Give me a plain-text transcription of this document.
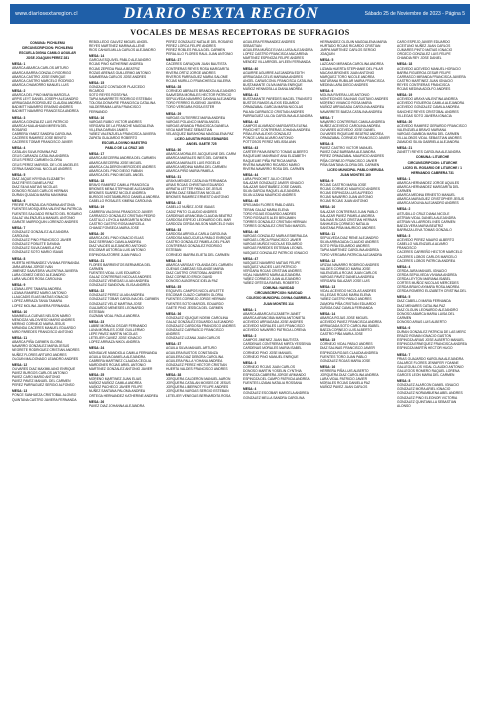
www.diariosextaregion.cl	DIARIO SEXTA REGIÓN	Sábado 25 de Noviembre de 2023 - Página 5
VOCALES DE MESAS RECEPTORAS DE SUFRAGIOS
COMUNA: PICHILEMU
CIRCUNSCRIPCION: PICHILEMU
ESCUELA DIGNA CAMILO AGUILAR
JOSE JOAQUIN PEREZ 281
MESA: 1
ABARCA ABARCA CARLOS ARTURO
ABARCA BARRA GONZALO RODRIGO
ABARCA CASTRO JOSE ENRIQUE
ABARCA CASTRO MARCELO RODRIGO
ABARCA CHAMORRO MANUEL LUIS
MESA: 2
ABARCA DEL PINO MARIA MARCELA
ARPIS LEYT DANIEL JOSEPH ALEJANDRO
ARRIAGADA RODRIGUEZ CLAUDIA ANDREA
BADIMTT NAVARRO ERASMO ANDRES
BADIMTT NAVARRO FRANCESCA ANDREA
MESA: 3
ABARCA GONZALEZ LUIS PATRICIO
ABARCA HUALAHUAN MIREYA DEL ROSARIO
CABRERA YANEZ SANDRA CAROLINA
CACERES RAMIREZ JOSE BENITO
CACERES TOBAR FRANCISCO JAVIER
MESA: 4
CATALAN SILVA ROMINA PAZ
CELIS CARANZA CATALINA ANDREA
CELIS PEREZ CARMEN GLORIA
CELIS PEREZ MARISOL DE LOS ANGELES
CERNA SANDOVAL NICOLAS ANDRES
MESA: 5
DIAZ JAQUE KRYSNA ELIZABETH
DIAZ REYES DANIELA PAZ
DIAZ SILVA MATIAS NICOLAS
DONOSO ROJAS CARLOS HERNAN
DURAN QUIJADA MARIA MAXIMINA
MESA: 6
FREIRE PUENZALIDA ROMINA ANTONIA
FUENTES MOSQUERA VALENTINA PATRICIA
FUENTES SALGADO RENATO DEL ROSARIO
GALAZ VALENZUELA MANUEL ANTONIO
GARATE MARROQUIN LORENZO ANDRES
MESA: 7
GONZALEZ GONZALEZ ALEJANDRA CAROLINA
GONZALEZ PINO FRANCISCO JAVIER
GONZALEZ POBLETE DAYANA
GONZALEZ SILVA DANIELA PAZ
GONZALEZ SOTO MARIO ISAIAS
MESA: 8
HUERTA HERNANDEZ VIVIANA FERNANDA
JARA ARANA JORGE IVAN
JIMENEZ SAAVEDRA VALENTINA JAVIERA
LARA GOMEZ DIEGO ALEJANDRO
LARA VALDES ROSA CAROLINA
MESA: 9
LIZANA LEPE TAMARA ANDREA
LIZANA RAMIREZ MARIO ANTONIO
LLAUCADIS ELIAS MATIAS IGNACIO
LOPEZ ARRIAZA TANIA TAMARA
LOPEZ MOLINA JAVIERA FERNANDA
MESA: 10
MAMMELLA CUEVAS NELSON MARIO
MENDOZA VALDIVIESO MARIO ANDRES
MERINO CORNEJO MARIA JESUS
MIRANDA CACERES MANUEL EDUARDO
MIRO PAREDES FRANCISCO ANTONIO
MESA: 11
ABARCA PIÑA CARMEN GLORIA
NAVARRO GONZALEZ MARIA JESUS
NEGRETE RODRIGUEZ CRISTIAN ANDRES
NUÑEZ FLORES ARTURO ANDRES
OLGUIN MALDONADO LEANDRO ANDRES
MESA: 12
OLIVARES DIAZ MAXIMILIANO ENRIQUE
PAVEZ BURGOS CARLOS ANTONIO
PAVEZ CARO MARIO ANTONIO
PAVEZ PAVEZ MANUEL DEL CARMEN
PEREZ PARRAGUEZ SERGIO ALFONSO
MESA: 13
PONCE SANHUEZA CRISTOBAL ALONSO
QUINTANA CASTRO JAVIERA FERNANDA
REBOLLEDO GALVEZ MIGUEL ANGEL
REYES MARTINEZ MARINA ALLENE
RIOS CAHUELMILLA CARLOS ALEJANDRO
MESA: 14
GARCIA ESQUIVEL PABLO ALEJANDRO
ROJAS PINO KATHERINE ANDREA
ROJAS ZEPEDA PAULA BEATRIZ
ROZAS ARENAS GUILLERMO ANTONIO
SAMMERAA CARLOS JOSE ANDRES
MESA: 15
GONZALEZ CONTADOR PLAZCEDO RICARDO
SOTO REYES ROSSYNA
TAPIA NAVARRETE RODRIGO ESTEBAN
TOLOSA DONAYRE FRANCISCA CATALINA
VALDERRAMA LARA FRANCISCO FERNANDO
MESA: 16
VARGAS RUBIO VICTOR ANDRES
VERGARA DE LA FRANCHE MAGDALENA
VILLENA DARIAN JAMES
YAÑEZ VALENZUELA FRANCISCA JAVIERA
ZAPATA GUAJARDO ROBERTO
ESCUELA DIVINO MAESTRO
PABLO DE LA CRUZ 165
MESA: 17
ABARCA BECERRA ANDREA DEL CARMEN
ABARCA BECERRA JOSE MIGUEL
ABARCA CALDERON MERCEDES ANDRES
ABARCA DEL PINO DIEGO FABIAN
ABARCA DEL PINO MIGUEL ANGEL
MESA: 18
BRAVO RAMIREZ CAMILA FRANCISCA
BRIONES MENA STEPHANIE ALEJANDRA
BRIONES SUAREZ NICOLE ANDREA
BURGOS NOSTAMBURGO DANIELA ANDREA
CABELLO ROSALES XIMENA CAROLINA
MESA: 19
CABRERA VALDIVIA FRANCISCO JAVIER
CARRASCO GONZALEZ CRISTIAN PEDRO
CASTILLO LOYOLA MARGARITA NOEMI
CASTRO CASTRO ROSA MARCELA
CHAMIZ FONSECA MARIA JOSE
MESA: 20
ABARCA DEL PINO IGNACIO ELIAS
DIAZ SERRANO CAMILA ANDREA
DIAZ VALDES ALEJANDRO ANTONIO
ESCOBAR ASTORGA LUIS ANTONIO
ESPINOSA ATORRE JUAN PABLO
MESA: 21
FLORES BARRIENTOS BERNARDA DEL CARMEN
FUENTES VIDAL LUIS EDUARDO
GALAZ CONTRERAS NICOLAS ANDRES
GONZALEZ VENEGAS LILIAN ANDREA
GONZALEZ SANDOVAL ELISA ANDREA
MESA: 22
GONZALEZ PEREZ LILIAN ANDREA
GONZALEZ TOBAR CAROLINA DEL CARMEN
GONZALEZ VELIZ MARTINA JOSE
GUAJARDO MENESES LEONARDO ESTEBAN
GUZMAN VIDAL PAOLA ANDREA
MESA: 23
LABBE MORAGA OSCAR FERNANDO
LUNA MORALES JOSE GUILLERMO
LEPE PAVEZ MARTIN NICOLAS
LETELIER CAVIEZ JOSE IGNACIO
LOPEZ ARRIAZA NIKOL ANDREA
MESA: 24
MONSALVE MANDIOLA CAMILA FERNANDA
AGUILA SILVA DANIELA ALEJANDRA
CABRERA MARTINEZ CLAUDIA CECILIA
MARDONES ROJAS ARIEL ANTONIO
MARTINEZ GONZALEZ ANTONIO JAVIER
MESA: 25
MORENO MARTINEZ JUAN ELIAS
MUÑOZ MUÑOZ CAMILA ANDREA
MUÑOZ PACHECO JAVIER FELIPE
NUÑEZ SANTANA PALOMA ANDREA
ORTEGA HERNANDEZ KATHERINE ANDREA
MESA: 26
PAVEZ DIAZ JOHANNA ALEJANDRA
PEREZ GONZALEZ NATALIE DEL ROSARIO
PEREZ LORCA FELIPE ANDRES
PEREZ ROBLES PAULA DEL CARMEN
PERALILLO FLORES RAUL JUAN ANTONIO
MESA: 27
CACERES CARAQUIN JUAN BAUTISTA
CONTRERAS REYES ROSA MARGARITA
RIVERA ORTIZ JORGE ANDRES
RIVEROS PARRAGUEZ MARIA SALOME
ROJAS MURILLO FRANCHESCA VALERIA
MESA: 28
CORNEJO ABRALES BRANDON ALEJANDRO
SAAVEDRA MORALES HECTOR PATRICIO
SEPULVEDA NAVARRO DAYANA ALEJANDRA
TORO FERREO EUGENIO JAVIERA
TORO VERGARA ROSA ESTER
MESA: 29
VARGAS GUTIERREZ MARIA ANDREA
VARGAS POLANCO MARIA ANGEL
VARGAS ARANDA FRANCISCA DANIELA
VEGA MARTINEZ SEBASTIAN
VELASQUEZ BARAHONA MAGDALENA PAZ
LICEO AGUSTIN ROSS EDWARDS
ANGEL GAETE 725
MESA: 30
ABARCA MORALES JACQUELINE DEL CARM
ABARCA MARALES INES DEL CARMEN
ABARCA MARALES LUIS ROGELIO
ABARCA MEDINA MARIA DEL CARMEN
ABARCA PIÑO MARIA PAMELA
MESA: 31
ARAYA MENDEZ CATALINA FERNANDA
ARIAS ROJAS CHRISTIAN EDUARDO
ARRATIA LETTER PABLO DE JESUS
BARRA DIAZ SEBASTIAN NICOLAS
BRIONES RAMIREZ ERNESTO ANTONIO
MESA: 32
CABELLO NUÑEZ JOSE ISAIAS
CADIZ PINTO CLAUDIO ANDRES
CARDENAS ARANCIBIA CLAUDIA BEATRIZ
CARDOSA ESPEJO LEONARDO DEL MAR
CARDOZA CERDA WILSON MARCELO IVAN
MESA: 33
CARDOSA ARRIOLA CARLA CAROLINA
CARDOSA MACUCUELA PABLO ENRIQUE
CASTRO GONZALEZ PAMELA DEL PILAR
CONTRERAS GONZALEZ RODRIGO ESTEBAN
CORNEJO IBARRA ELIETA DEL CARMEN
MESA: 34
ABARCA VARGAS YOLANDA DEL CARMEN
CUEVAS CABEZAS SOLANGE MARIA
DIAZ CASTRO CRISTOBAL ANDRES
DIAZ CORNEJO ERICK DAVID
DONOSO ALBORNOZ IDELIA PAZ
MESA: 35
ESQUIVEL CAMPOS NICOL ARLETTE
ESCOBAR CUAZO CARMEN GLORIA
FUENTES CORNEJO JORGE HERNAN
FUENTES SOTO MARCEL EDUARDO
GAETE PINO JESSICA DEL CARMEN
MESA: 36
GONZALEZ IQUIQUE NOEMI CAROLINA
GALAZ GONZALEZ EDUARDO ALEJANDRO
GONZALEZ CARDOSA FRANCISCO ANDRES
GONZALEZ CARRASCO FRANCISCO ANDRES
GONZALEZ LIZANA JUAN CARLOS
MESA: 37
AGUILA SILVA MANUEL ARTURO
AGUILERA BUSTOS CONSTANZA
AGUILERA DIAZ DEBORA CAROLINA
AGUILERA PALLA YOHANA ANDREA
GONZALEZ PEREZ HECTOR CRISTIAN
HUERTA VALDES FRANCISCO ANDRES
MESA: 38
JORQUERA CALDERON MANUEL AARON
JORQUERA CATALAN MOISES DE JESUS
JORQUERA LIBERNOT FELIPE ANDRES
JORQUERA VARGAS SERGIO ESTEBAN
LETELIER VENEGAS BERNARDITA ROSA
AGUILERA FERNANDEZ ANDRES SEBASTIAN
AGUILERA MUÑOZ ELVIA LUISA ALEJANDRA
LOPEZ CASTRO FRANCISCA MACARENA
MARTINEZ ESPINOZA FELIPE ANDRES
MENDEZ VILLARROEL AYLEEN FERNANDA
MESA: 40
AGUIRRE AGUIRRE ALEJANDRA EDITH
ARRIAGADA CELIS MARIANA ANDRES
ANGEL CARASCONIL FRANCISCA CATALINA
BUSTAMANTE OLIVA MARIA ENRIQUE
MUÑOZ HENMOSILLA DIANA ANDREA
MESA: 41
BUSTAMANTE PAREDES MACIEL TRANSITO
BUSTOS RAMOS ALEXIS EDUARDO
ORMAZABAL GARCIA MARIA NICOLAS
PALMA CARRASCO CRISTIAN ANDRES
PARRAGUEZ ULLOA CAROLINA ALEJANDRA
MESA: 42
CAMPOS ALVARADO MARGARITA ELENA
PINOCHET CONTRERAS JOHANA ANDREA
PIÑA LEIVA ALEXIS GONZALEZ
PONCE LARA ALVARO ANTONIO
POTTOSOS PEREZ MELISSA ANN
MESA: 43
CARTER PAIVA BENITO TOMAS ALBERTO
RAQUELME MANRIANT ANA ELIZABETH
RAQUELME PIÑA PATRICIA MARIA
RIVERA NAVARRO RICARDO MARIO
RIVERA NAVARRO ROSA DEL CARMEN
MESA: 44
LARA PINOCHET JULIO CESAR
SALAZAR GONZALEZ JAVIER IGNACIO
SALAZAR SANTIBAÑEZ JOSE DANIEL
SILVA GARCIA RAQUEL ALEJANDRA
SILVA LIZANA MAURICIO ANDRES
MESA: 45
SPIELMAN FLORES PABLO ABEL
TERAN GALAZ MARIA ELENA
TORO ROJAS EDUARDO ANDRES
TORO ROSALES ALEX BENJAMIN
TORRES GONZALEZ CRISTIAN HERNAN
TORRES GONZALEZ CRISTIAN MARCEL
MESA: 46
VARGAS GONZALEZ MARIA ESMERALDA
VARGAS LORCA FRANCISCO JAVIER
VARGAS MUÑOZ NICOLAS EDUARDO
VARGAS PAREDES ESTEBAN LEONEL
VASQUEZ GONZALEZ PATRICIO IGNACIO
MESA: 47
VASQUEZ NAVARRO MATIAS FELIPE
VASQUEZ VALDES LUIS PATRICIO
VERGARA ROJAS CRISTIAN ANDRES
VIDAL NAVARRO MARIA ALEJANDRA
YAÑEZ CORNEJO JUAN ALEJANDRO
YAÑEZ ORTEGA RAFAEL ROBERTO
COMUNA: NAVIDAD
CIRCUNSCRIPCION: NAVIDAD
COLEGIO MUNICIPAL DIVINA GABRIELA
JUAN MONTES 114
MESA: 1
ABARCA ABARCA ELIZABETH JANET
ABARCA ARANCIBIA MARIA ANTONIETA
ACEVEDO ARRIAGADA JOSE ANDRES
ACEVEDO MORALES LUIS FRANCISCO
ACEVEDO NAVARRO PATRICIA LORENA
MESA: 2
CAMPOS JIMENEZ JUAN BAUTISTA
CARDENAS CONTRERAS MIRTA YESSENIA
CARDENAS MORALES MARIA ISABEL
CORNEJO PINO JOSE MANUEL
CORNEJO PINO MANUEL ENRIQUE
MESA: 3
CORNEJO ROJAS JUAN CARLOS
DONOSO MARTIN YOSELIN CYNTHIA
ESPINOZA CABRERA JORGE ARMANDO
ESPINOZA DEL CAMPO PATRICIA ANDREA
FUENTES LIZAMA NATALIA ROSSANA
MESA: 4
GONZALEZ ESCOBAR MARCELA ANDREA
GONZALEZ MELLA SANDRA CAROLINA
HERNANDEZ OLGUIN MAGDALENA MARIA
HURTADO ROJAS RICARDO CRISTIAN
JARPA MARTINEZ CARLOS SERGIO JOAQUIN
MESA: 5
LAZCANO MIRANDA CAROLINA ANDREA
LIZAMA HUERTA STEPHANIE DEL PILAR
MACAYA BRIONES JUAN ANTONIO
MARQUEZ TORO NICOLE ANDREA
MATURANA RUBILAR MARIA FRANCISCA
MEDINA LARA DIEGO ANDRES
MESA: 6
MOLINA RIVERA LUIS ANTONIO
MONTECINOS SALINAS GUSTAVO ANDRES
MORENO VIVANCO ROSA MARIA
MUÑOZ ARRIAGADA CAROLINA ANDREA
NAVARRETE BAEZA CATALINA ANDREA
MESA: 7
NAVARRO CONTRERAS CAMILA ANDREA
NUÑEZ ACEVEDO CAROLINA ANDREA
OLIVARES ACEVEDO JOSE DANIEL
OLIVARES RIQUELME BEATRIZ ANDREA
ORMAZABAL CORNEJO FRANCISCO JAVIER
MESA: 8
PAVEZ CASTRO VICTOR MANUEL
PAVEZ DIAZ BARBARA ALEJANDRA
PEREZ ORMAZABAL MAURICIO ANDRES
PIÑA CORNEJO FRANCISCO JAVIER
PIÑA SANTANA GLORIA DEL CARMEN
LICEO MUNICIPAL PABLO NERUDA
JUAN MONTES 160
MESA: 9
ROJAS CASTRO MARIA JOSE
ROJAS CORNEJO MAURICIO ANDRES
ROJAS ESPINOZA LUIS ALFREDO
ROJAS NAVARRO JUAN ANTONIO
ROJAS ROJAS JUAN ANTONIO
MESA: 10
SALAZAR CONTRERAS JUAN PABLO
SALAZAR PAVEZ PAMELA ANDREA
SALINAS ROJAS CRISTIAN HERNAN
SANHUEZA CORNEJO NATALIA
SANTANA PIÑA MAURICIO ANDRES
MESA: 11
SEPULVEDA DIAZ RENE ALEJANDRO
SILVA ARRIAGADA CLAUDIO ANDRES
SOTO PIÑA EDUARDO ANDRES
TAPIA MARTINEZ CAROLINA ANDREA
TORO VERGARA PATRICIA ALEJANDRA
MESA: 12
URZUA NAVARRO RODRIGO ANDRES
VALDES CORNEJO MARIA JOSE
VALENZUELA ROJAS JUAN CARLOS
VARGAS PAVEZ DANIELA ANDREA
VERGARA SALAZAR JOSE LUIS
MESA: 13
VIDAL ACEVEDO NICOLAS ANDRES
VILLEGAS ROJAS MARIA ELENA
YAÑEZ CASTRO PABLO ANDRES
ZAMORA PIÑA CRISTIAN EDUARDO
ZUÑIGA DIAZ CAMILA FERNANDA
MESA: 14
ABARCA ROJAS JOSE MIGUEL
ACEVEDO PAVEZ FRANCISCA ANDREA
ARRIAGADA SOTO CAROLINA ISABEL
BAEZA CORNEJO LUIS ALBERTO
CASTRO PIÑA MARIA JOSE
MESA: 15
CORNEJO VIDAL PABLO ANDRES
DIAZ SALINAS FRANCISCO JAVIER
ESPINOZA ROJAS CLAUDIA ANDREA
FUENTES TORO JUAN PABLO
GONZALEZ ROJAS MARIA JOSE
MESA: 16
HERRERA PIÑA LUIS ALBERTO
JORQUERA DIAZ CAROLINA ANDREA
LARA VIDAL PATRICIO JAVIER
MORALES ROJAS DANIELA PAZ
MUÑOZ PAVEZ JUAN CARLOS
CARO ESPEJO JAVIER EDUARDO
ACEITUNO NUÑEZ JUAN CARLOS
CUMARES PINTO MATIAS IGNACIO
OROZCO GONZALEZ LUIS FELIPE
CHANDIA REY JOSE DANIEL
MESA: 18
ACEVEDO ACEVEDO MANUEL HORACIO
BARRA FIGUEROA CESAR FELIPE
CARRASCO MIRANDA FRANCISCA JAVIERA
CASTRO MARTINEZ JUAN IGNACIO
REYES CONTRERAS FRANCISCA
ROJAS MEDINA ADOLFO ANDRES
MESA: 19
ACEVEDO ARAYA VALENTINA ANDREA
ACEVEDO FIGUEROA CAMILA ALEJANDRA
ACEVEDO GONZALEZ CAMILA ANDREA
SANCHEZ REYES CRISTOBAL ANDRES
VILLEGAS SOTO JAVIERA IGNACIA
MESA: 20
ACEVEDO RAMIREZ GERARDO FRANCISCO
VALENZUELA BRAVO MARIANA
VARGAS GAMBOA MARIA DEL CARMEN
VILLALOBOS VIDAL SEBASTIAN ANDRES
ZAMUDIO SILVA GABRIELA ALEJANDRA
MESA: 21
ZANETTI REYES CAROLINA ALEJANDRA
COMUNA: LITUECHE
CIRCUNSCRIPCION: LITUECHE
LICEO EL ROSARIO DE LITUECHE / 1
HERNANDO CABRERA 731
MESA: 1
ABARCA HERNANDEZ JORGE AQUILES
ABARCA HERNANDEZ MARGARITA DEL CARMEN
ABARCA MEDINA ERNESTO MANUEL
ABARCA MARAGUEZ CRISTOPHER JESUS
ABARCA MOLINA ALEJANDRO ANDRES
MESA: 2
ASTUDILLO CRUZ DIANA NICOLE
ASTRAN VIDAL DANIELA ALEJANDRA
ASTRAN VILLARROEL INES CARMEN
BAEZA VERA MARIA BEATRIZ
BARRAZA LEIVA TOMAS GONZALO
MESA: 3
ACEVEDO PEREZ MAURO ALBERTO
CABELLO VALENZUELA ALVARO FRANCISCO
CACERES CARREÑO HECTOR MARCELO
CACERES LOBOS CARLOS MARCELO
CACERES LOBOS PATRICIA ANDREA
MESA: 4
CERDA JARA MANUEL IGNACIO
CERDA SEPULVEDA VIVIANA ANDREA
CERDA LEYTON MARIANA ISABEL
CORTES MUÑOZ NICOLAS MERCEDES
CERDA BRAVO AYMARA ROSA ANDREA
CERDA ROMERO ELIZABETH CRISTINA DEL
MESA: 5
DIAZ CABELLO MARIA FERNANDA
DIAZ MENARES CATALINA PAZ
DIAZ OLGUIN LEONARDO ALEJANDRO
DONOSO ABARCA MARIA LUISA DEL CARMEN
DONOSO ARIAS LUIS ALBERTO
MESA: 6
DURAN GONZALEZ PATRICIA DE LAS MERC
ERAZO ROMAN IGNACIO GASTON
ESPINOZA ARIAS JOSE ALBERTO MANUEL
ESPINOZA ERNEQUEZ FRANCISCA ANDREA
ESPINOZA MARTIN HECTOR HUGO
MESA: 7
FRIAS GUAJARDO KAROLINA ALEJANDRA
GALARCE FLORES JENNIFER YOANNE
GALLEGUILLOS VIDAL CLAUDIO ANTONIO
GALLEGOS ROMERO RAQUEL LORENA
GARCES LEON MARIA DEL CARMEN
MESA: 8
GONZALEZ ALARCON DANIEL IGNACIO
GONZALEZ MORA ARIEL IGNACIO
GONZALEZ NORAMBUENA ABEL ANDRES
GONZALEZ PINO ELEONOR VICTORIA
GONZALEZ QUINTANILLA SEBASTIAN ALONSO
